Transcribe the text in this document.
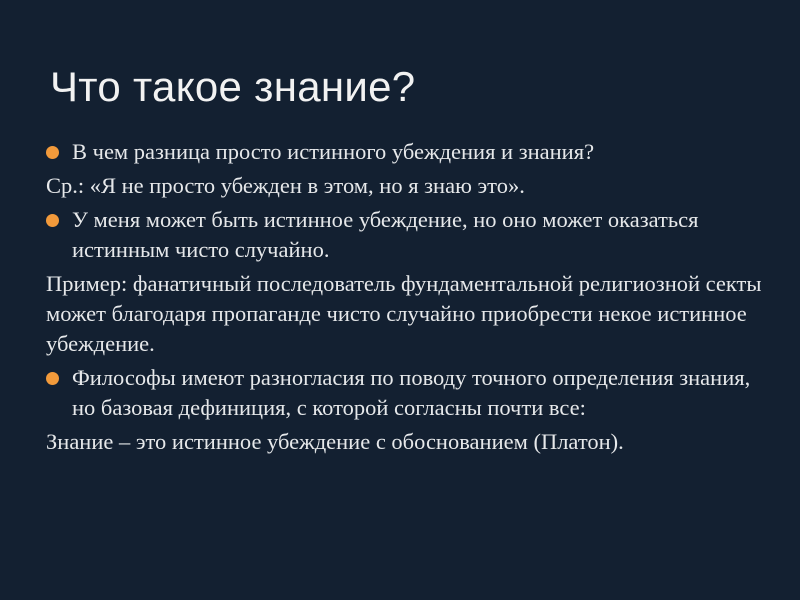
Что такое знание?
В чем разница просто истинного убеждения и знания?
Ср.: «Я не просто убежден в этом, но я знаю это».
У меня может быть истинное убеждение, но оно может оказаться истинным чисто случайно.
Пример: фанатичный последователь фундаментальной религиозной секты может благодаря пропаганде чисто случайно приобрести некое истинное убеждение.
Философы имеют разногласия по поводу точного определения знания, но базовая дефиниция, с которой согласны почти все:
Знание – это истинное убеждение с обоснованием (Платон).
